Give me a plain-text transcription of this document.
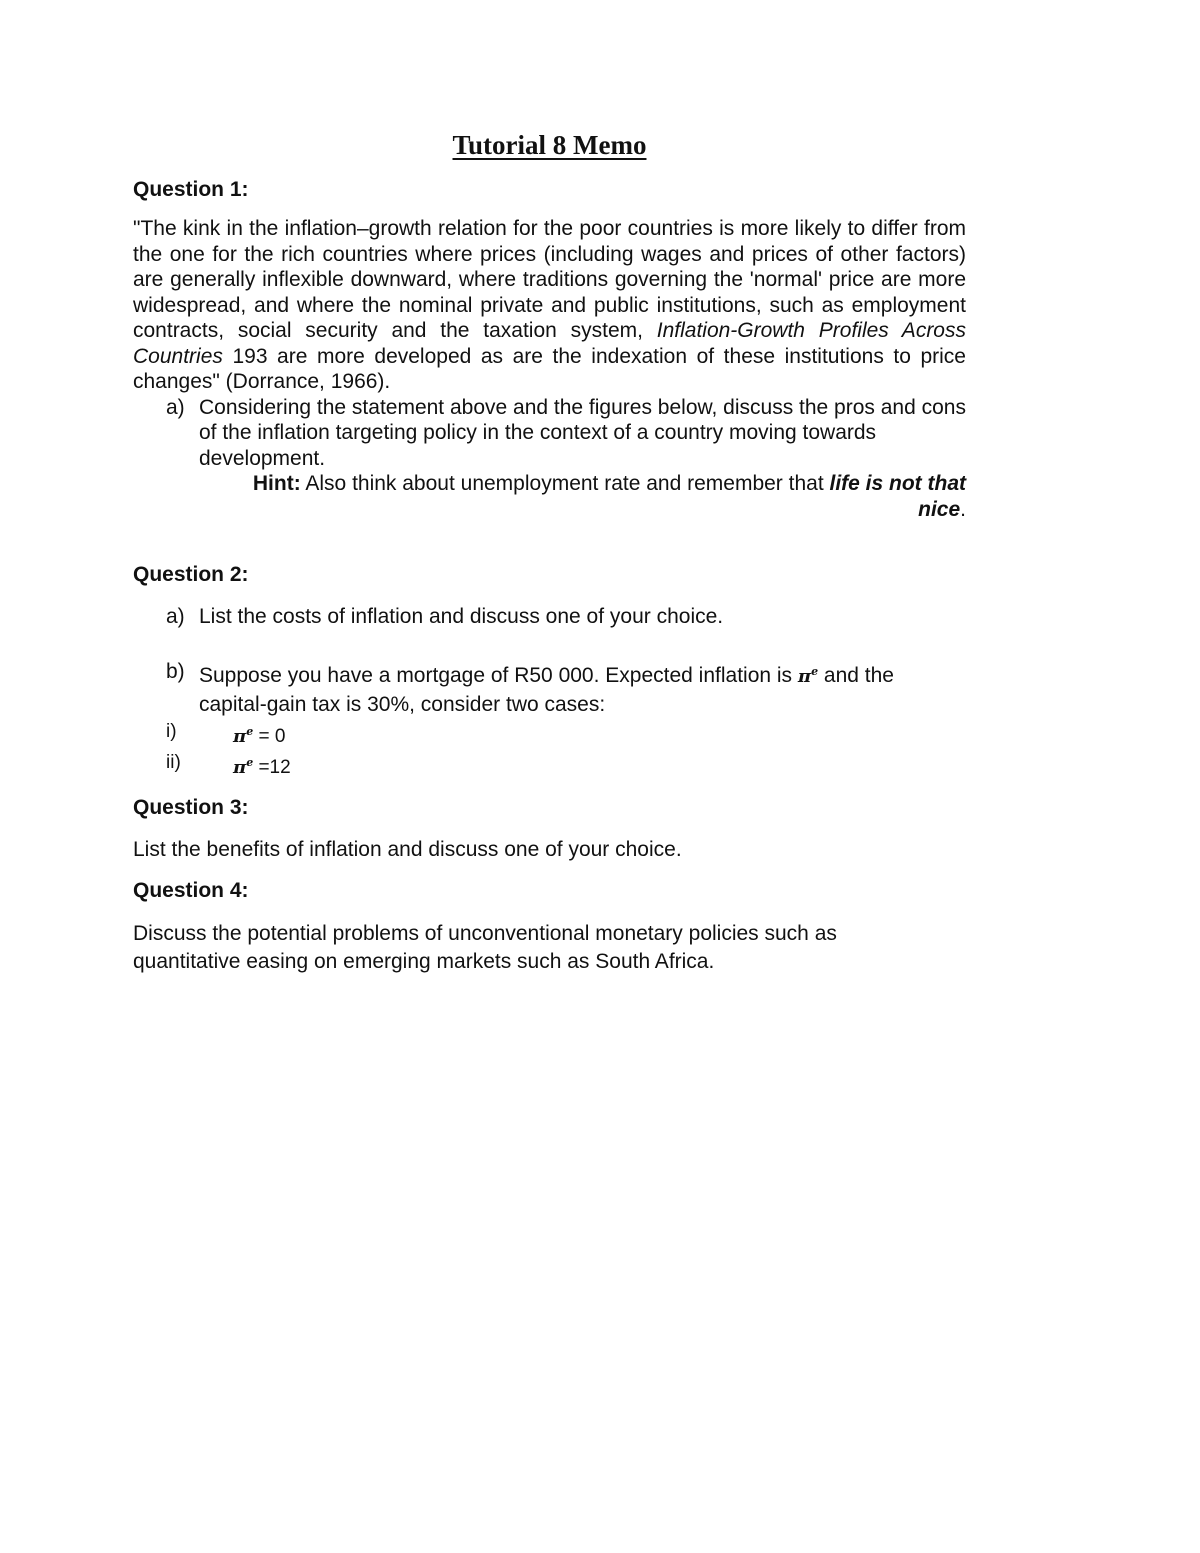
Tutorial 8 Memo
Question 1:

"The kink in the inflation–growth relation for the poor countries is more likely to differ from the one for the rich countries where prices (including wages and prices of other factors) are generally inflexible downward, where traditions governing the 'normal' price are more widespread, and where the nominal private and public institutions, such as employment contracts, social security and the taxation system, Inflation-Growth Profiles Across Countries 193 are more developed as are the indexation of these institutions to price changes" (Dorrance, 1966).

a) Considering the statement above and the figures below, discuss the pros and cons of the inflation targeting policy in the context of a country moving towards development.
Hint: Also think about unemployment rate and remember that life is not that nice.
Question 2:
a) List the costs of inflation and discuss one of your choice.
b) Suppose you have a mortgage of R50 000. Expected inflation is $\pi^e$ and the capital-gain tax is 30%, consider two cases:
i)	$\pi^e = 0$
ii)	$\pi^e =12$
Question 3:

List the benefits of inflation and discuss one of your choice.

Question 4:

Discuss the potential problems of unconventional monetary policies such as quantitative easing on emerging markets such as South Africa.
